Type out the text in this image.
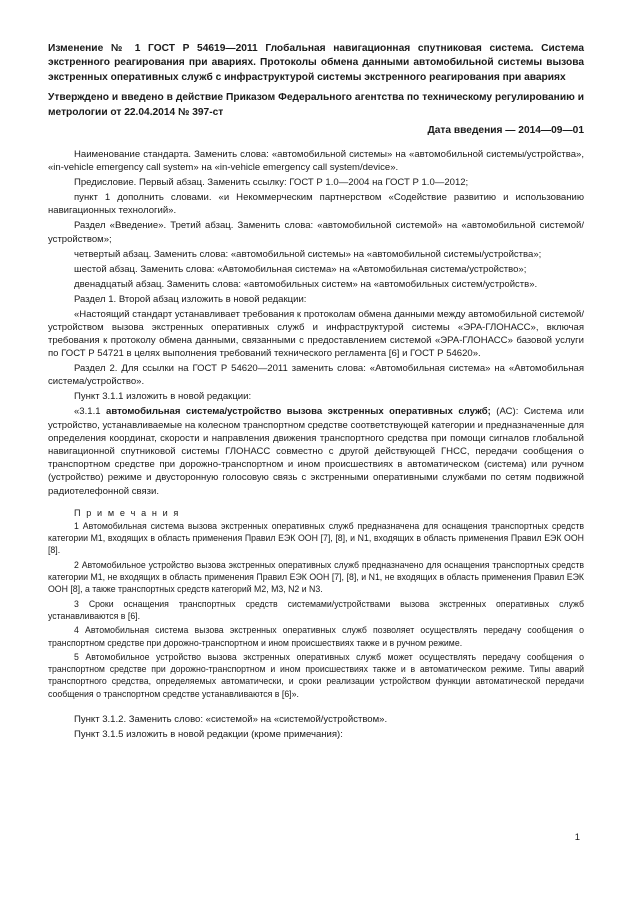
Изменение № 1 ГОСТ Р 54619—2011 Глобальная навигационная спутниковая система. Система экстренного реагирования при авариях. Протоколы обмена данными автомобильной системы вызова экстренных оперативных служб с инфраструктурой системы экстренного реагирования при авариях

Утверждено и введено в действие Приказом Федерального агентства по техническому регулированию и метрологии от 22.04.2014 № 397-ст

Дата введения — 2014—09—01

Наименование стандарта. Заменить слова: «автомобильной системы» на «автомобильной системы/устройства», «in-vehicle emergency call system» на «in-vehicle emergency call system/device».

Предисловие. Первый абзац. Заменить ссылку: ГОСТ Р 1.0—2004 на ГОСТ Р 1.0—2012;

пункт 1 дополнить словами. «и Некоммерческим партнерством «Содействие развитию и использованию навигационных технологий».

Раздел «Введение». Третий абзац. Заменить слова: «автомобильной системой» на «автомобильной системой/устройством»;

четвертый абзац. Заменить слова: «автомобильной системы» на «автомобильной системы/устройства»;

шестой абзац. Заменить слова: «Автомобильная система» на «Автомобильная система/устройство»;

двенадцатый абзац. Заменить слова: «автомобильных систем» на «автомобильных систем/устройств».

Раздел 1. Второй абзац изложить в новой редакции:

«Настоящий стандарт устанавливает требования к протоколам обмена данными между автомобильной системой/устройством вызова экстренных оперативных служб и инфраструктурой системы «ЭРА-ГЛОНАСС», включая требования к протоколу обмена данными, связанными с предоставлением системой «ЭРА-ГЛОНАСС» базовой услуги по ГОСТ Р 54721 в целях выполнения требований технического регламента [6] и ГОСТ Р 54620».

Раздел 2. Для ссылки на ГОСТ Р 54620—2011 заменить слова: «Автомобильная система» на «Автомобильная система/устройство».

Пункт 3.1.1 изложить в новой редакции:

«3.1.1 автомобильная система/устройство вызова экстренных оперативных служб; (АС): Система или устройство, устанавливаемые на колесном транспортном средстве соответствующей категории и предназначенные для определения координат, скорости и направления движения транспортного средства при помощи сигналов глобальной навигационной спутниковой системы ГЛОНАСС совместно с другой действующей ГНСС, передачи сообщения о транспортном средстве при дорожно-транспортном и ином происшествиях в автоматическом (система) или ручном (устройство) режиме и двусторонную голосовую связь с экстренными оперативными службами по сетям подвижной радиотелефонной связи.

П р и м е ч а н и я

1 Автомобильная система вызова экстренных оперативных служб предназначена для оснащения транспортных средств категории М1, входящих в область применения Правил ЕЭК ООН [7], [8], и N1, входящих в область применения Правил ЕЭК ООН [8].

2 Автомобильное устройство вызова экстренных оперативных служб предназначено для оснащения транспортных средств категории М1, не входящих в область применения Правил ЕЭК ООН [7], [8], и N1, не входящих в область применения Правил ЕЭК ООН [8], а также транспортных средств категорий М2, М3, N2 и N3.

3 Сроки оснащения транспортных средств системами/устройствами вызова экстренных оперативных служб устанавливаются в [6].

4 Автомобильная система вызова экстренных оперативных служб позволяет осуществлять передачу сообщения о транспортном средстве при дорожно-транспортном и ином происшествиях также и в ручном режиме.

5 Автомобильное устройство вызова экстренных оперативных служб может осуществлять передачу сообщения о транспортном средстве при дорожно-транспортном и ином происшествиях также и в автоматическом режиме. Типы аварий транспортного средства, определяемых автоматически, и сроки реализации устройством функции автоматической передачи сообщения о транспортном средстве устанавливаются в [6]».

Пункт 3.1.2. Заменить слово: «системой» на «системой/устройством».

Пункт 3.1.5 изложить в новой редакции (кроме примечания):

1
